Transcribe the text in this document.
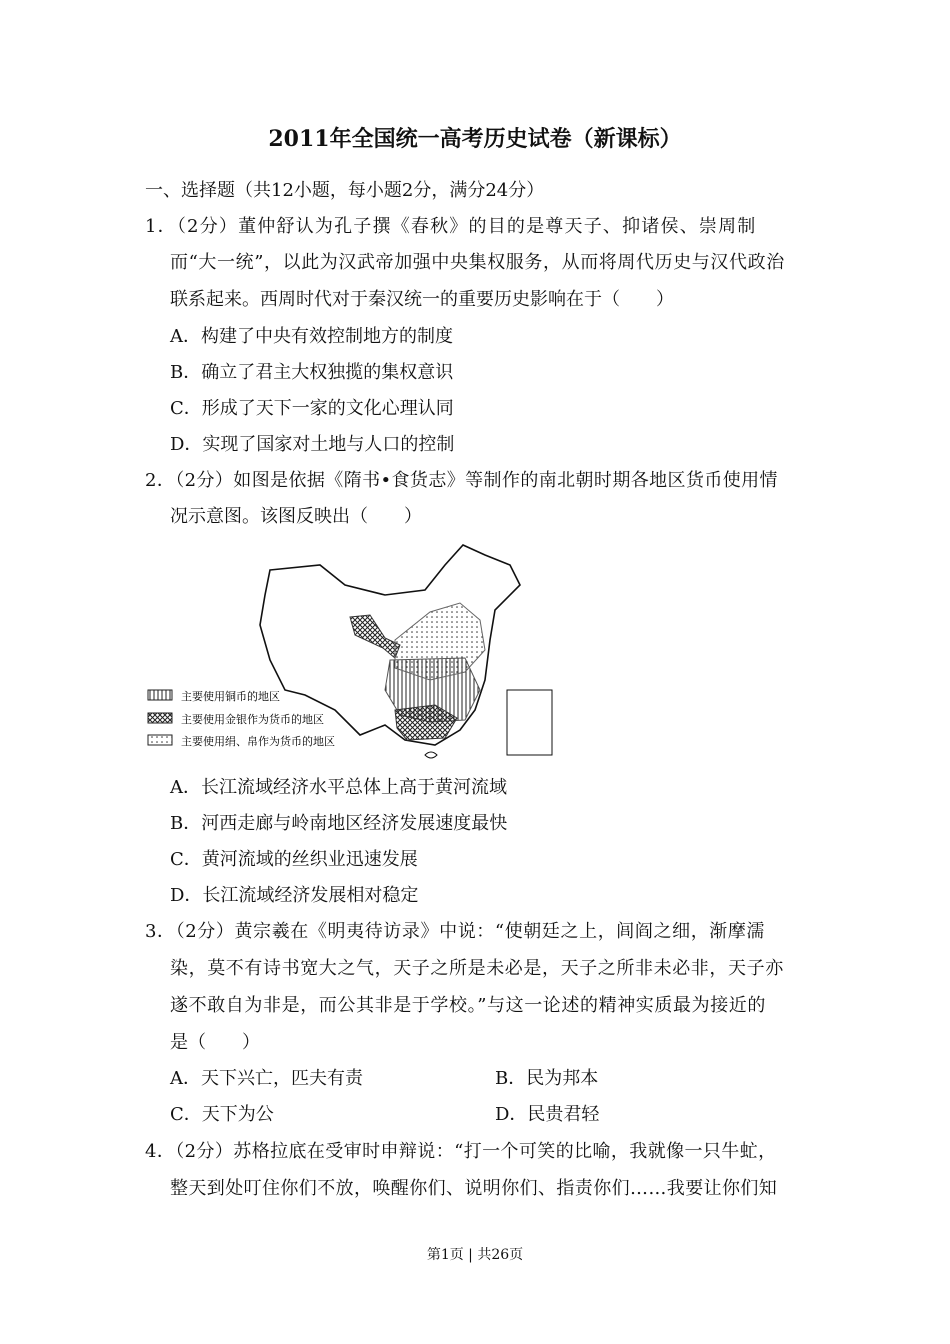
2011年全国统一高考历史试卷（新课标）
一、选择题（共12小题，每小题2分，满分24分）
1．（2分）董仲舒认为孔子撰《春秋》的目的是尊天子、抑诸侯、崇周制
而“大一统”，以此为汉武帝加强中央集权服务，从而将周代历史与汉代政治
联系起来。西周时代对于秦汉统一的重要历史影响在于（　　）
A．构建了中央有效控制地方的制度
B．确立了君主大权独揽的集权意识
C．形成了天下一家的文化心理认同
D．实现了国家对土地与人口的控制
2．（2分）如图是依据《隋书•食货志》等制作的南北朝时期各地区货币使用情
况示意图。该图反映出（　　）
主要使用铜币的地区
主要使用金银作为货币的地区
主要使用绢、帛作为货币的地区
A．长江流域经济水平总体上高于黄河流域
B．河西走廊与岭南地区经济发展速度最快
C．黄河流域的丝织业迅速发展
D．长江流域经济发展相对稳定
3．（2分）黄宗羲在《明夷待访录》中说：“使朝廷之上，闾阎之细，渐摩濡
染，莫不有诗书宽大之气，天子之所是未必是，天子之所非未必非，天子亦
遂不敢自为非是，而公其非是于学校。”与这一论述的精神实质最为接近的
是（　　）
A．天下兴亡，匹夫有责	B．民为邦本
C．天下为公	D．民贵君轻
4．（2分）苏格拉底在受审时申辩说：“打一个可笑的比喻，我就像一只牛虻，
整天到处叮住你们不放，唤醒你们、说明你们、指责你们……我要让你们知
第1页 | 共26页
